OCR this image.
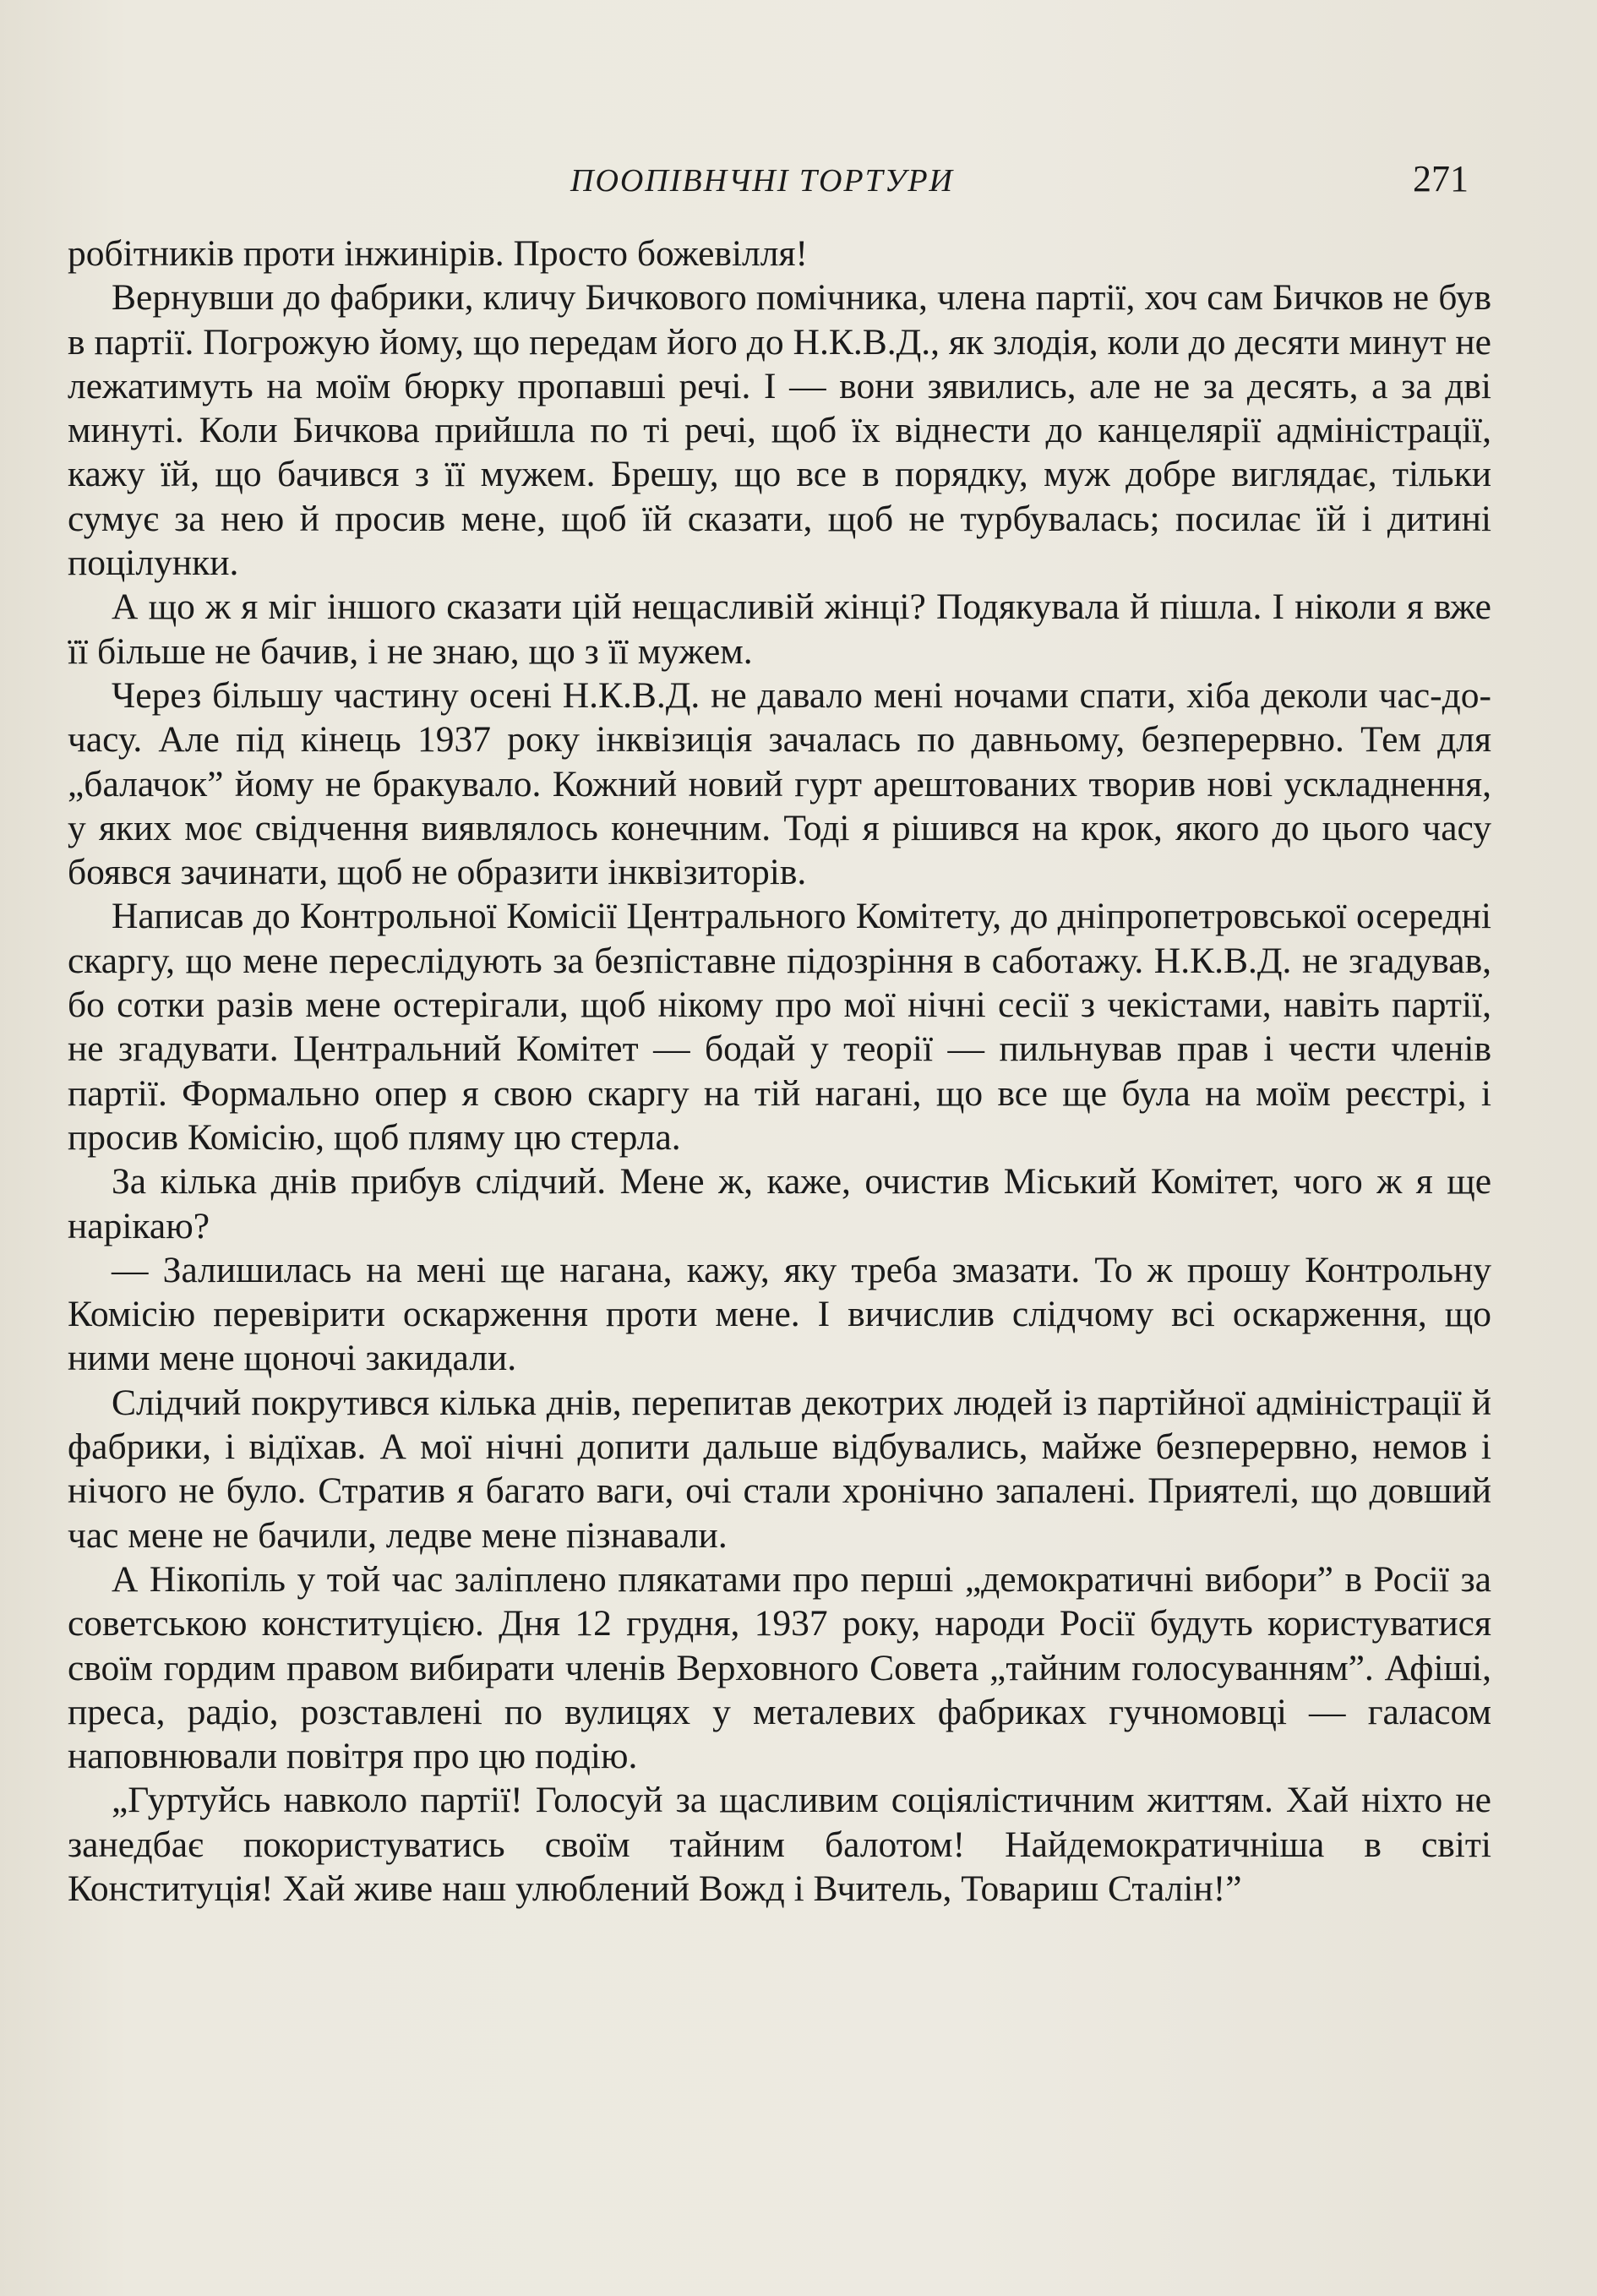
ПООПІВНЧНІ ТОРТУРИ	271

робітників проти інжинірів. Просто божевілля!

Вернувши до фабрики, кличу Бичкового помічника, члена партії, хоч сам Бичков не був в партії. Погрожую йому, що передам його до Н.К.В.Д., як злодія, коли до десяти минут не лежатимуть на моїм бюрку пропавші речі. І — вони зявились, але не за десять, а за дві минуті. Коли Бичкова прийшла по ті речі, щоб їх віднести до канцелярії адміністрації, кажу їй, що бачився з її мужем. Брешу, що все в порядку, муж добре виглядає, тільки сумує за нею й просив мене, щоб їй сказати, щоб не турбувалась; посилає їй і дитині поцілунки.

А що ж я міг іншого сказати цій нещасливій жінці? Подякувала й пішла. І ніколи я вже її більше не бачив, і не знаю, що з її мужем.

Через більшу частину осені Н.К.В.Д. не давало мені ночами спати, хіба деколи час-до-часу. Але під кінець 1937 року інквізиція зачалась по давньому, безперервно. Тем для „балачок” йому не бракувало. Кожний новий гурт арештованих творив нові ускладнення, у яких моє свідчення виявлялось конечним. Тоді я рішився на крок, якого до цього часу боявся зачинати, щоб не образити інквізиторів.

Написав до Контрольної Комісії Центрального Комітету, до дніпропетровської осередні скаргу, що мене переслідують за безпіставне підозріння в саботажу. Н.К.В.Д. не згадував, бо сотки разів мене остерігали, щоб нікому про мої нічні сесії з чекістами, навіть партії, не згадувати. Центральний Комітет — бодай у теорії — пильнував прав і чести членів партії. Формально опер я свою скаргу на тій нагані, що все ще була на моїм реєстрі, і просив Комісію, щоб пляму цю стерла.

За кілька днів прибув слідчий. Мене ж, каже, очистив Міський Комітет, чого ж я ще нарікаю?

— Залишилась на мені ще нагана, кажу, яку треба змазати. То ж прошу Контрольну Комісію перевірити оскарження проти мене. І вичислив слідчому всі оскарження, що ними мене щоночі закидали.

Слідчий покрутився кілька днів, перепитав декотрих людей із партійної адміністрації й фабрики, і відїхав. А мої нічні допити дальше відбувались, майже безперервно, немов і нічого не було. Стратив я багато ваги, очі стали хронічно запалені. Приятелі, що довший час мене не бачили, ледве мене пізнавали.

А Нікопіль у той час заліплено плякатами про перші „демократичні вибори” в Росії за советською конституцією. Дня 12 грудня, 1937 року, народи Росії будуть користуватися своїм гордим правом вибирати членів Верховного Совета „тайним голосуванням”. Афіші, преса, радіо, розставлені по вулицях у металевих фабриках гучномовці — галасом наповнювали повітря про цю подію.

„Гуртуйсь навколо партії! Голосуй за щасливим соціялістичним життям. Хай ніхто не занедбає покористуватись своїм тайним балотом! Найдемократичніша в світі Конституція! Хай живе наш улюблений Вожд і Вчитель, Товариш Сталін!”
